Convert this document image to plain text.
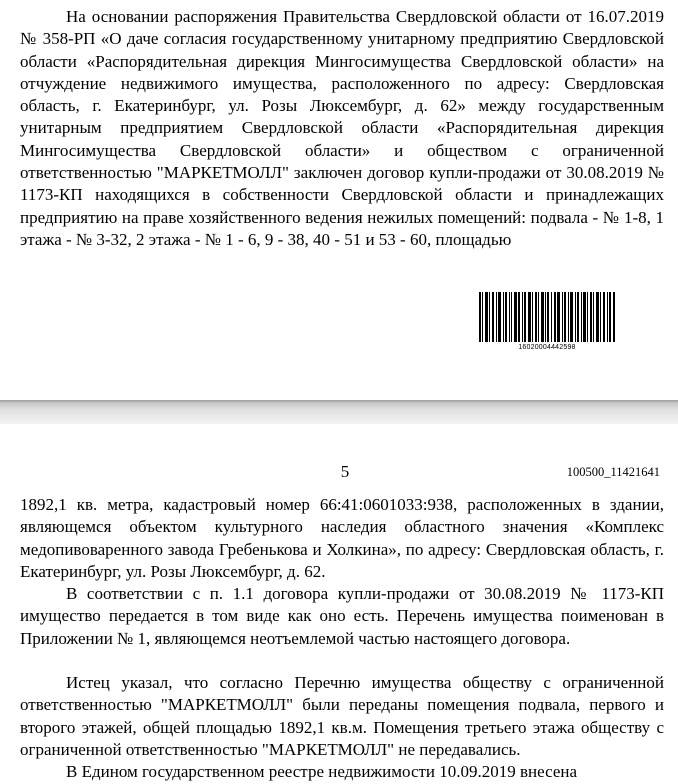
На основании распоряжения Правительства Свердловской области от 16.07.2019 № 358-РП «О даче согласия государственному унитарному предприятию Свердловской области «Распорядительная дирекция Мингосимущества Свердловской области» на отчуждение недвижимого имущества, расположенного по адресу: Свердловская область, г. Екатеринбург, ул. Розы Люксембург, д. 62» между государственным унитарным предприятием Свердловской области «Распорядительная дирекция Мингосимущества Свердловской области» и обществом с ограниченной ответственностью "МАРКЕТМОЛЛ" заключен договор купли-продажи от 30.08.2019 № 1173-КП находящихся в собственности Свердловской области и принадлежащих предприятию на праве хозяйственного ведения нежилых помещений: подвала - № 1-8, 1 этажа - № 3-32, 2 этажа - № 1 - 6, 9 - 38, 40 - 51 и 53 - 60, площадью

16020004442598
5	100500_11421641

1892,1 кв. метра, кадастровый номер 66:41:0601033:938, расположенных в здании, являющемся объектом культурного наследия областного значения «Комплекс медопивоваренного завода Гребенькова и Холкина», по адресу: Свердловская область, г. Екатеринбург, ул. Розы Люксембург, д. 62.

В соответствии с п. 1.1 договора купли-продажи от 30.08.2019 № 1173-КП имущество передается в том виде как оно есть. Перечень имущества поименован в Приложении № 1, являющемся неотъемлемой частью настоящего договора.

Истец указал, что согласно Перечню имущества обществу с ограниченной ответственностью "МАРКЕТМОЛЛ" были переданы помещения подвала, первого и второго этажей, общей площадью 1892,1 кв.м. Помещения третьего этажа обществу с ограниченной ответственностью "МАРКЕТМОЛЛ" не передавались.

В Едином государственном реестре недвижимости 10.09.2019 внесена
